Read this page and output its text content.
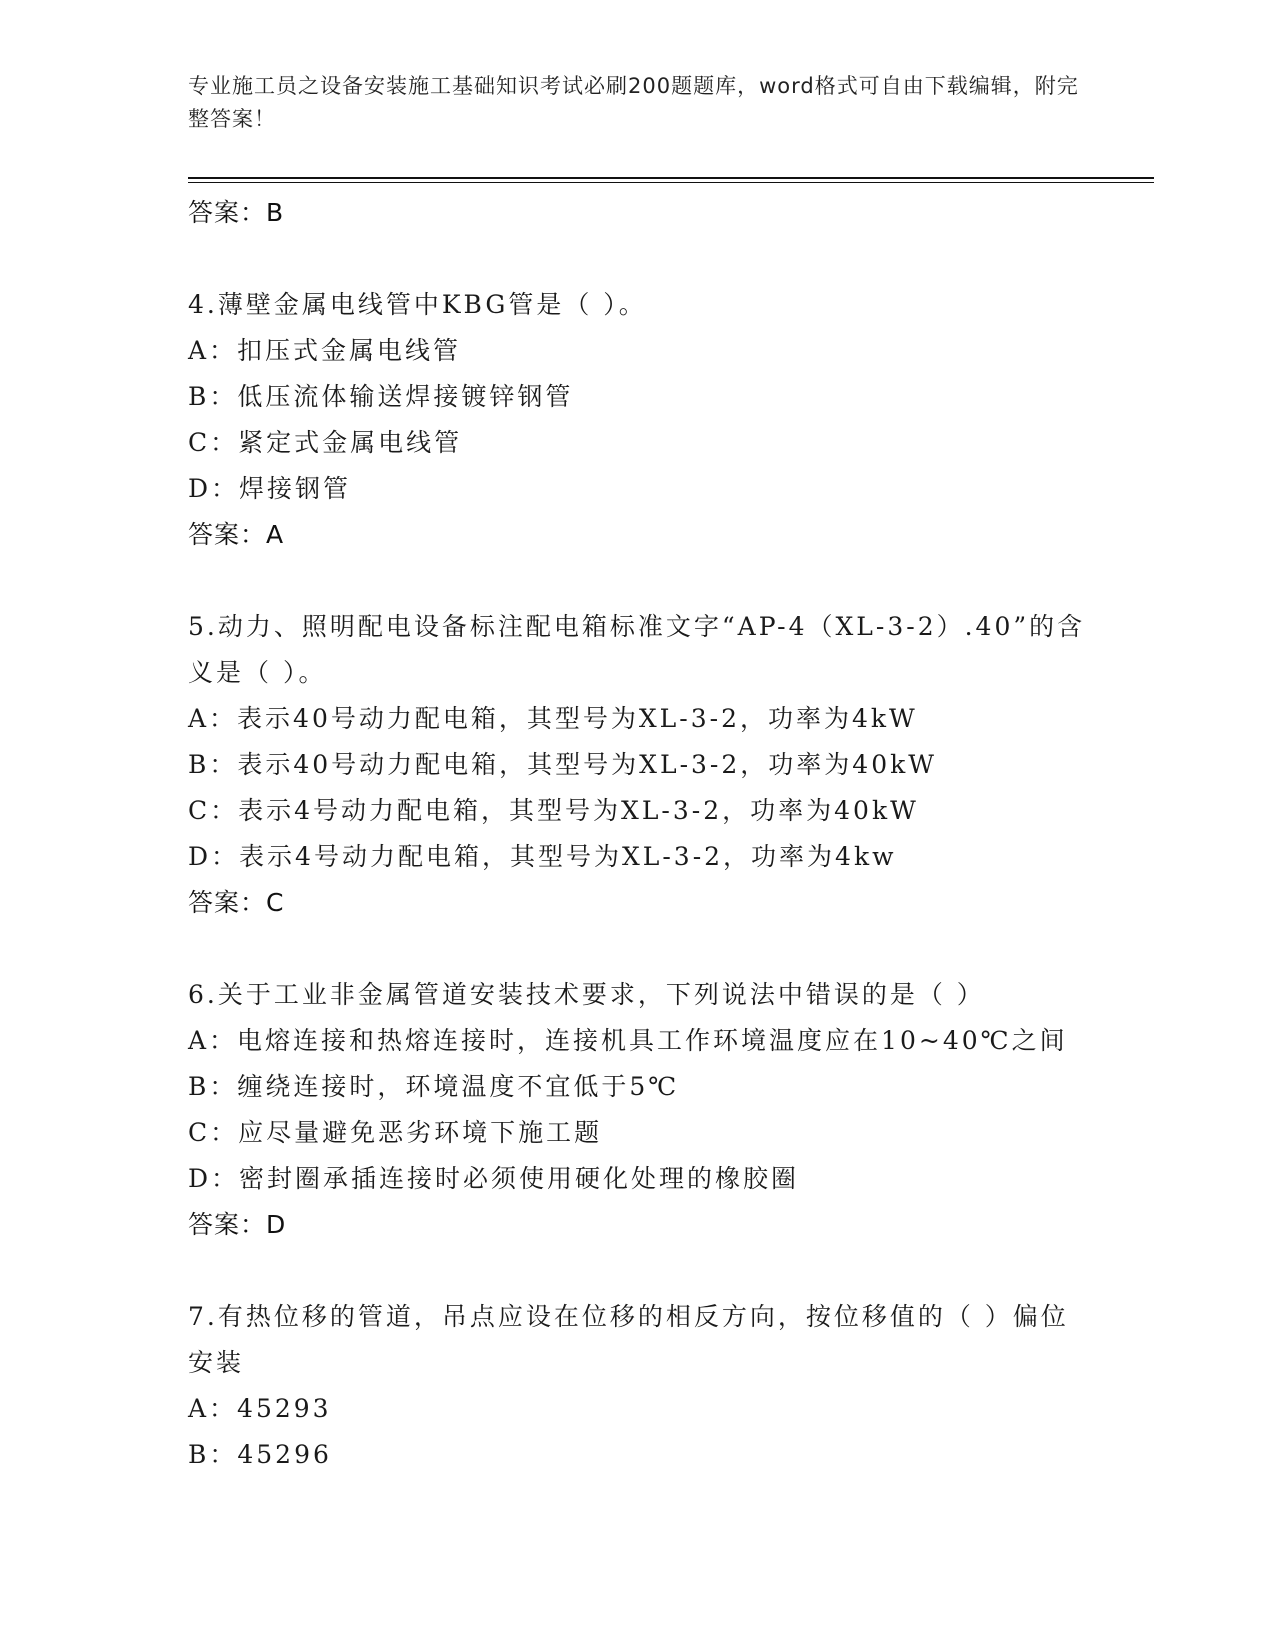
专业施工员之设备安装施工基础知识考试必刷200题题库，word格式可自由下载编辑，附完整答案！
答案：B
4.薄壁金属电线管中KBG管是（ ）。
A：扣压式金属电线管
B：低压流体输送焊接镀锌钢管
C：紧定式金属电线管
D：焊接钢管
答案：A
5.动力、照明配电设备标注配电箱标准文字“AP-4（XL-3-2）.40”的含义是（ ）。
A：表示40号动力配电箱，其型号为XL-3-2，功率为4kW
B：表示40号动力配电箱，其型号为XL-3-2，功率为40kW
C：表示4号动力配电箱，其型号为XL-3-2，功率为40kW
D：表示4号动力配电箱，其型号为XL-3-2，功率为4kw
答案：C
6.关于工业非金属管道安装技术要求，下列说法中错误的是（ ）
A：电熔连接和热熔连接时，连接机具工作环境温度应在10~40℃之间
B：缠绕连接时，环境温度不宜低于5℃
C：应尽量避免恶劣环境下施工题
D：密封圈承插连接时必须使用硬化处理的橡胶圈
答案：D
7.有热位移的管道，吊点应设在位移的相反方向，按位移值的（ ）偏位安装
A：45293
B：45296
